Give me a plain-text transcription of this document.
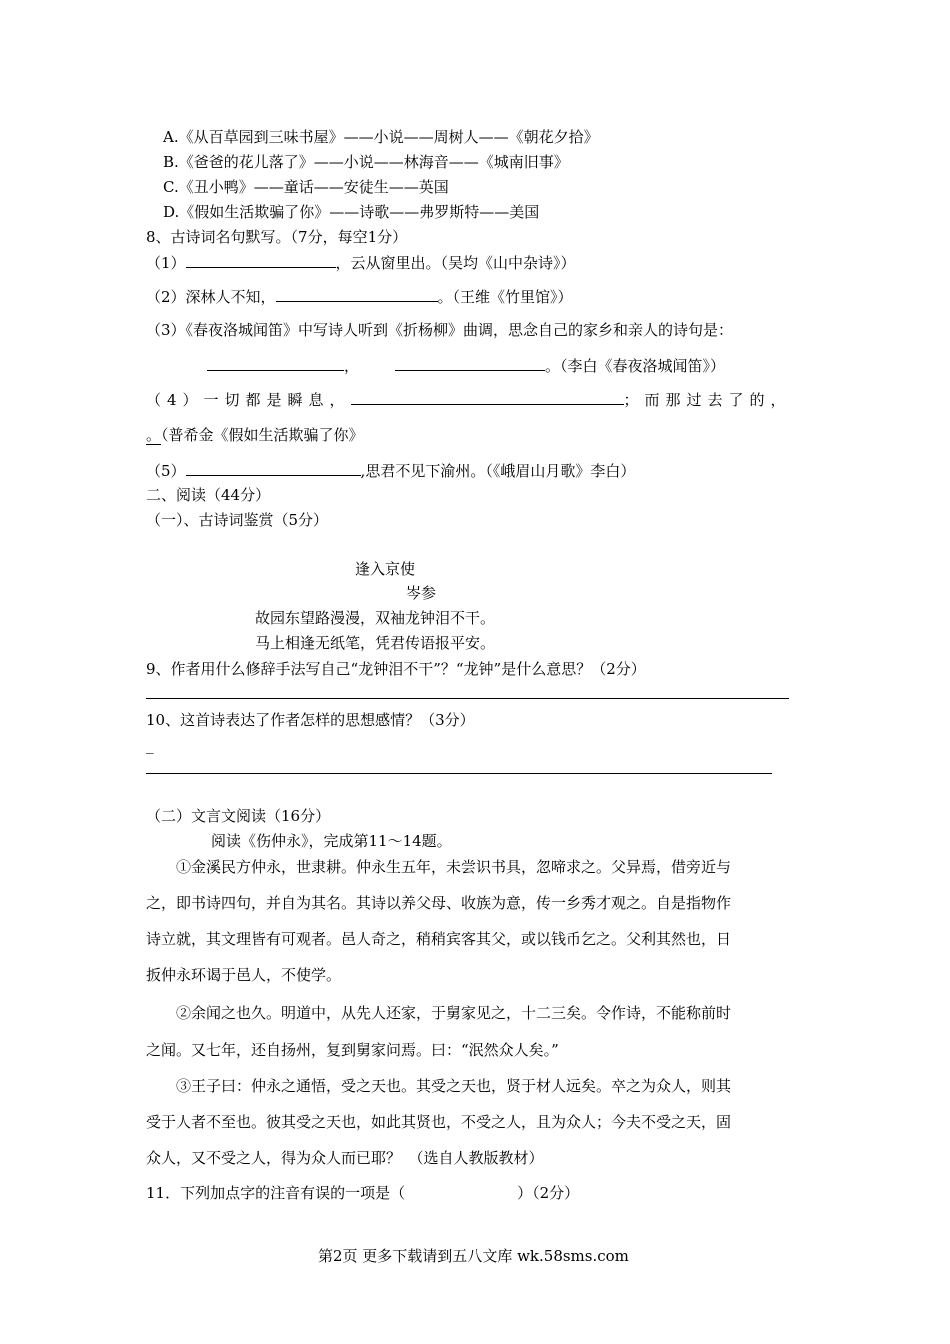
A.《从百草园到三味书屋》——小说——周树人——《朝花夕拾》
B.《爸爸的花儿落了》——小说——林海音——《城南旧事》
C.《丑小鸭》——童话——安徒生——英国
D.《假如生活欺骗了你》——诗歌——弗罗斯特——美国
8、古诗词名句默写。（7分，每空1分）
（1）	，云从窗里出。（吴均《山中杂诗》）
（2）深林人不知，	。（王维《竹里馆》）
（3）《春夜洛城闻笛》中写诗人听到《折杨柳》曲调，思念自己的家乡和亲人的诗句是：
，	。（李白《春夜洛城闻笛》）
（4）一切都是瞬息，	；而那过去了的，
。（普希金《假如生活欺骗了你》
（5）	,思君不见下渝州。（《峨眉山月歌》李白）
二、阅读（44分）
（一）、古诗词鉴赏（5分）
逢入京使
岑参
故园东望路漫漫，双袖龙钟泪不干。
马上相逢无纸笔，凭君传语报平安。
9、作者用什么修辞手法写自己“龙钟泪不干”？“龙钟”是什么意思？（2分）
10、这首诗表达了作者怎样的思想感情？（3分）
_
（二）文言文阅读（16分）
阅读《伤仲永》，完成第11～14题。
①金溪民方仲永，世隶耕。仲永生五年，未尝识书具，忽啼求之。父异焉，借旁近与
之，即书诗四句，并自为其名。其诗以养父母、收族为意，传一乡秀才观之。自是指物作
诗立就，其文理皆有可观者。邑人奇之，稍稍宾客其父，或以钱币乞之。父利其然也，日
扳仲永环谒于邑人，不使学。
②余闻之也久。明道中，从先人还家，于舅家见之，十二三矣。令作诗，不能称前时
之闻。又七年，还自扬州，复到舅家问焉。曰：“泯然众人矣。”
③王子曰：仲永之通悟，受之天也。其受之天也，贤于材人远矣。卒之为众人，则其
受于人者不至也。彼其受之天也，如此其贤也，不受之人，且为众人；今夫不受之天，固
众人，又不受之人，得为众人而已耶？　（选自人教版教材）
11．下列加点字的注音有误的一项是（	）（2分）
第2页 更多下载请到五八文库 wk.58sms.com
